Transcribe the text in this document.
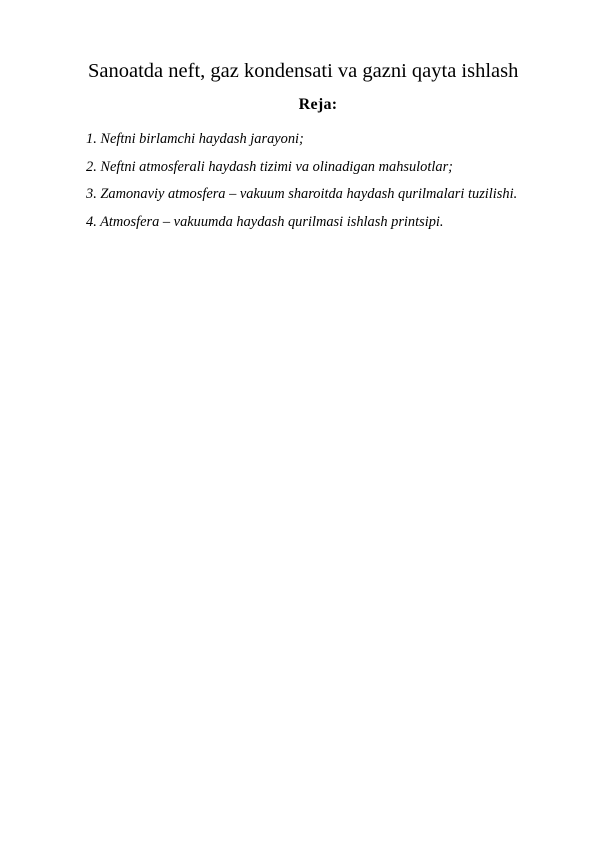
Sanoatda neft, gaz kondensati va gazni qayta ishlash
Reja:
1. Neftni birlamchi haydash jarayoni;
2. Neftni atmosferali haydash tizimi va olinadigan mahsulotlar;
3. Zamonaviy atmosfera – vakuum sharoitda haydash qurilmalari tuzilishi.
4. Atmosfera – vakuumda haydash qurilmasi ishlash printsipi.
